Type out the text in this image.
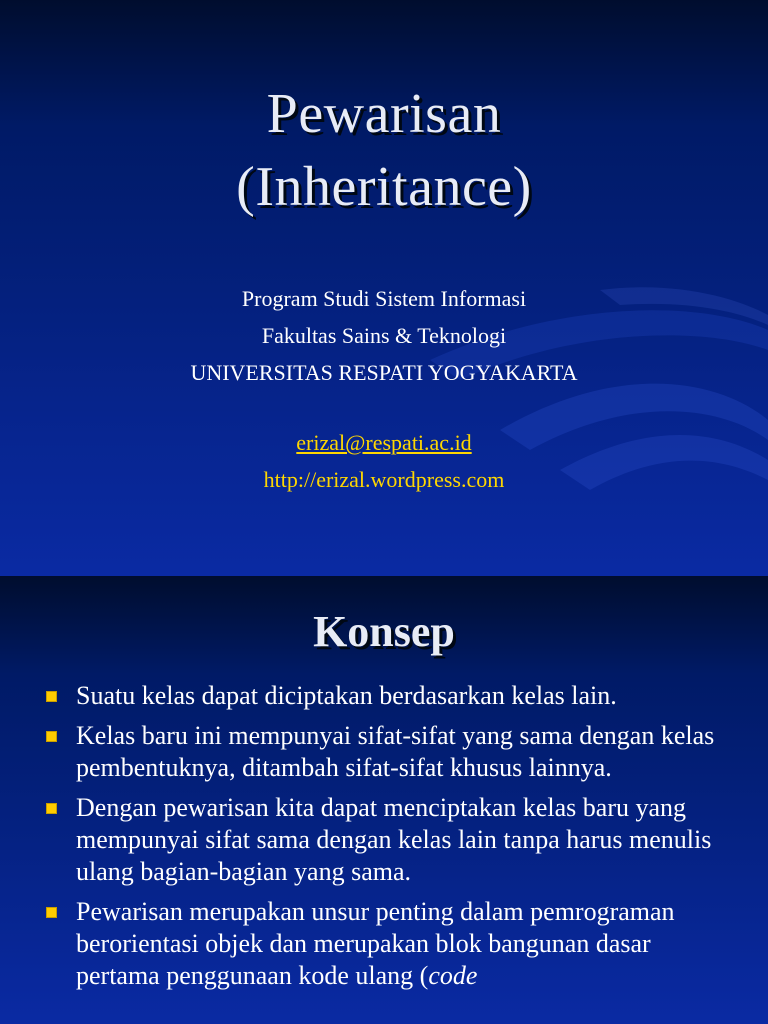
Pewarisan
(Inheritance)
Program Studi Sistem Informasi
Fakultas Sains & Teknologi
UNIVERSITAS RESPATI YOGYAKARTA
erizal@respati.ac.id
http://erizal.wordpress.com
Konsep
Suatu kelas dapat diciptakan berdasarkan kelas lain.
Kelas baru ini mempunyai sifat-sifat yang sama dengan kelas pembentuknya, ditambah sifat-sifat khusus lainnya.
Dengan pewarisan kita dapat menciptakan kelas baru yang mempunyai sifat sama dengan kelas lain tanpa harus menulis ulang bagian-bagian yang sama.
Pewarisan merupakan unsur penting dalam pemrograman berorientasi objek dan merupakan blok bangunan dasar pertama penggunaan kode ulang (code
